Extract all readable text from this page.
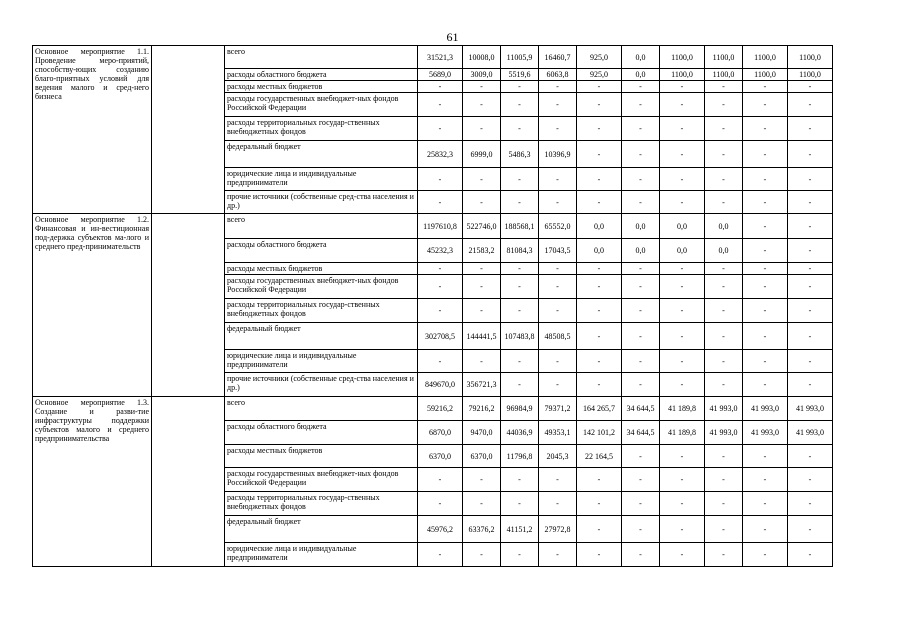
61
Основное мероприятие 1.1. Проведение меро-приятий, способству-ющих созданию благо-приятных условий для ведения малого и сред-него бизнеса		всего	31521,3	10008,0	11005,9	16460,7	925,0	0,0	1100,0	1100,0	1100,0	1100,0
		расходы областного бюджета	5689,0	3009,0	5519,6	6063,8	925,0	0,0	1100,0	1100,0	1100,0	1100,0
		расходы местных бюджетов	-	-	-	-	-	-	-	-	-	-
		расходы государственных внебюджет-ных фондов Российской Федерации	-	-	-	-	-	-	-	-	-	-
		расходы территориальных государ-ственных внебюджетных фондов	-	-	-	-	-	-	-	-	-	-
		федеральный бюджет	25832,3	6999,0	5486,3	10396,9	-	-	-	-	-	-
		юридические лица и индивидуальные предприниматели	-	-	-	-	-	-	-	-	-	-
		прочие источники (собственные сред-ства населения и др.)	-	-	-	-	-	-	-	-	-	-
Основное мероприятие 1.2. Финансовая и ин-вестиционная под-держка субъектов ма-лого и среднего пред-принимательств		всего	1197610,8	522746,0	188568,1	65552,0	0,0	0,0	0,0	0,0	-	-
		расходы областного бюджета	45232,3	21583,2	81084,3	17043,5	0,0	0,0	0,0	0,0	-	-
		расходы местных бюджетов	-	-	-	-	-	-	-	-	-	-
		расходы государственных внебюджет-ных фондов Российской Федерации	-	-	-	-	-	-	-	-	-	-
		расходы территориальных государ-ственных внебюджетных фондов	-	-	-	-	-	-	-	-	-	-
		федеральный бюджет	302708,5	144441,5	107483,8	48508,5	-	-	-	-	-	-
		юридические лица и индивидуальные предприниматели	-	-	-	-	-	-	-	-	-	-
		прочие источники (собственные сред-ства населения и др.)	849670,0	356721,3	-	-	-	-	-	-	-	-
Основное мероприятие 1.3. Создание и разви-тие инфраструктуры поддержки субъектов малого и среднего предпринимательства		всего	59216,2	79216,2	96984,9	79371,2	164 265,7	34 644,5	41 189,8	41 993,0	41 993,0	41 993,0
		расходы областного бюджета	6870,0	9470,0	44036,9	49353,1	142 101,2	34 644,5	41 189,8	41 993,0	41 993,0	41 993,0
		расходы местных бюджетов	6370,0	6370,0	11796,8	2045,3	22 164,5	-	-	-	-	-
		расходы государственных внебюджет-ных фондов Российской Федерации	-	-	-	-	-	-	-	-	-	-
		расходы территориальных государ-ственных внебюджетных фондов	-	-	-	-	-	-	-	-	-	-
		федеральный бюджет	45976,2	63376,2	41151,2	27972,8	-	-	-	-	-	-
		юридические лица и индивидуальные предприниматели	-	-	-	-	-	-	-	-	-	-
